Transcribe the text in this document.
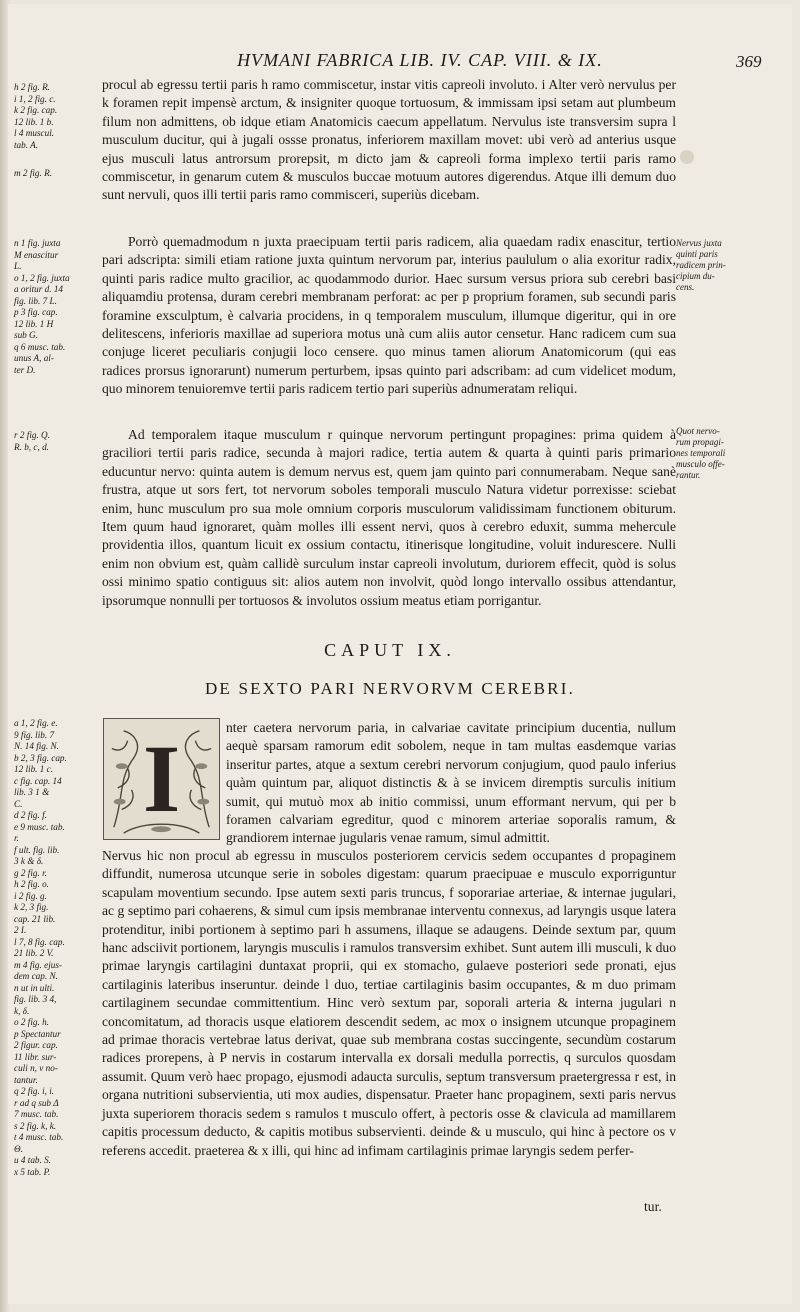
HVMANI FABRICA LIB. IV. CAP. VIII. & IX.	369
procul ab egressu tertii paris h ramo commiscetur, instar vitis capreoli involuto. i Alter verò nervulus per k foramen repit impensè arctum, & insigniter quoque tortuosum, & immissam ipsi setam aut plumbeum filum non admittens, ob idque etiam Anatomicis caecum appellatum. Nervulus iste transversim supra l musculum ducitur, qui à jugali ossse pronatus, inferiorem maxillam movet: ubi verò ad anterius usque ejus musculi latus antrorsum prorepsit, m dicto jam & capreoli forma implexo tertii paris ramo commiscetur, in genarum cutem & musculos buccae motuum autores digerendus. Atque illi demum duo sunt nervuli, quos illi tertii paris ramo commisceri, superiùs dicebam.
h 2 fig. R.
i 1, 2 fig. c.
k 2 fig. cap.
12 lib. 1 b.
l 4 muscul.
tab. A.
m 2 fig. R.
Porrò quemadmodum n juxta praecipuam tertii paris radicem, alia quaedam radix enascitur, tertio pari adscripta: simili etiam ratione juxta quintum nervorum par, interius paululum o alia exoritur radix, quinti paris radice multo gracilior, ac quodammodo durior. Haec sursum versus priora sub cerebri basi aliquamdiu protensa, duram cerebri membranam perforat: ac per p proprium foramen, sub secundi paris foramine exsculptum, è calvaria procidens, in q temporalem musculum, illumque digeritur, qui in ore delitescens, inferioris maxillae ad superiora motus unà cum aliis autor censetur. Hanc radicem cum sua conjuge liceret peculiaris conjugii loco censere. quo minus tamen aliorum Anatomicorum (qui eas radices prorsus ignorarunt) numerum perturbem, ipsas quinto pari adscribam: ad cum videlicet modum, quo minorem tenuioremve tertii paris radicem tertio pari superiùs adnumeratam reliqui.
n 1 fig. juxta
M enascitur
L.
o 1, 2 fig. juxta
a oritur d. 14
fig. lib. 7 L.
p 3 fig. cap.
12 lib. 1 H
sub G.
q 6 musc. tab.
unus A, al-
ter D.
Nervus juxta
quinti paris
radicem prin-
cipium du-
cens.
Ad temporalem itaque musculum r quinque nervorum pertingunt propagines: prima quidem à graciliori tertii paris radice, secunda à majori radice, tertia autem & quarta à quinti paris primario educuntur nervo: quinta autem is demum nervus est, quem jam quinto pari connumerabam. Neque sanè frustra, atque ut sors fert, tot nervorum soboles temporali musculo Natura videtur porrexisse: sciebat enim, hunc musculum pro sua mole omnium corporis musculorum validissimam functionem obiturum. Item quum haud ignoraret, quàm molles illi essent nervi, quos à cerebro eduxit, summa mehercule providentia illos, quantum licuit ex ossium contactu, itinerisque longitudine, voluit indurescere. Nulli enim non obvium est, quàm callidè surculum instar capreoli involutum, duriorem effecit, quòd is solus ossi minimo spatio contiguus sit: alios autem non involvit, quòd longo intervallo ossibus attendantur, ipsorumque nonnulli per tortuosos & involutos ossium meatus etiam porrigantur.
r 2 fig. Q.
R. b, c, d.
Quot nervo-
rum propagi-
nes temporali
musculo offe-
rantur.
CAPUT IX.
DE SEXTO PARI NERVORVM CEREBRI.
I	nter caetera nervorum paria, in calvariae cavitate principium ducentia, nullum aequè sparsam ramorum edit sobolem, neque in tam multas easdemque varias inseritur partes, atque a sextum cerebri nervorum conjugium, quod paulo inferius quàm quintum par, aliquot distinctis & à se invicem diremptis surculis initium sumit, qui mutuò mox ab initio commissi, unum efformant nervum, qui per b foramen calvariam egreditur, quod c minorem arteriae soporalis ramum, & grandiorem internae jugularis venae ramum, simul admittit.
Nervus hic non procul ab egressu in musculos posteriorem cervicis sedem occupantes d propaginem diffundit, numerosa utcunque serie in soboles digestam: quarum praecipuae e musculo exporriguntur scapulam moventium secundo. Ipse autem sexti paris truncus, f soporariae arteriae, & internae jugulari, ac g septimo pari cohaerens, & simul cum ipsis membranae interventu connexus, ad laryngis usque latera protenditur, inibi portionem à septimo pari h assumens, illaque se adaugens. Deinde sextum par, quum hanc adsciivit portionem, laryngis musculis i ramulos transversim exhibet. Sunt autem illi musculi, k duo primae laryngis cartilagini duntaxat proprii, qui ex stomacho, gulaeve posteriori sede pronati, ejus cartilaginis lateribus inseruntur. deinde l duo, tertiae cartilaginis basim occupantes, & m duo primam cartilaginem secundae committentium. Hinc verò sextum par, soporali arteria & interna jugulari n concomitatum, ad thoracis usque elatiorem descendit sedem, ac mox o insignem utcunque propaginem ad primae thoracis vertebrae latus derivat, quae sub membrana costas succingente, secundùm costarum radices prorepens, à P nervis in costarum intervalla ex dorsali medulla porrectis, q surculos quosdam assumit. Quum verò haec propago, ejusmodi adaucta surculis, septum transversum praetergressa r est, in organa nutritioni subservientia, uti mox audies, dispensatur. Praeter hanc propaginem, sexti paris nervus juxta superiorem thoracis sedem s ramulos t musculo offert, à pectoris osse & clavicula ad mamillarem capitis processum deducto, & capitis motibus subservienti. deinde & u musculo, qui hinc à pectore os v referens accedit. praeterea & x illi, qui hinc ad infimam cartilaginis primae laryngis sedem perfer-
tur.
a 1, 2 fig. e.
9 fig. lib. 7
N. 14 fig. N.
b 2, 3 fig. cap.
12 lib. 1 c.
c fig. cap. 14
lib. 3 1 &
C.
d 2 fig. f.
e 9 musc. tab.
r.
f ult. fig. lib.
3 k & δ.
g 2 fig. r.
h 2 fig. o.
i 2 fig. g.
k 2, 3 fig.
cap. 21 lib.
2 I.
l 7, 8 fig. cap.
21 lib. 2 V.
m 4 fig. ejus-
dem cap. N.
n ut in ulti.
fig. lib. 3 4,
k, δ.
o 2 fig. h.
p Spectantur
2 figur. cap.
11 libr. sur-
culi n, v no-
tantur.
q 2 fig. i, i.
r ad q sub Δ
7 musc. tab.
s 2 fig. k, k.
t 4 musc. tab.
Θ.
u 4 tab. S.
x 5 tab. P.
